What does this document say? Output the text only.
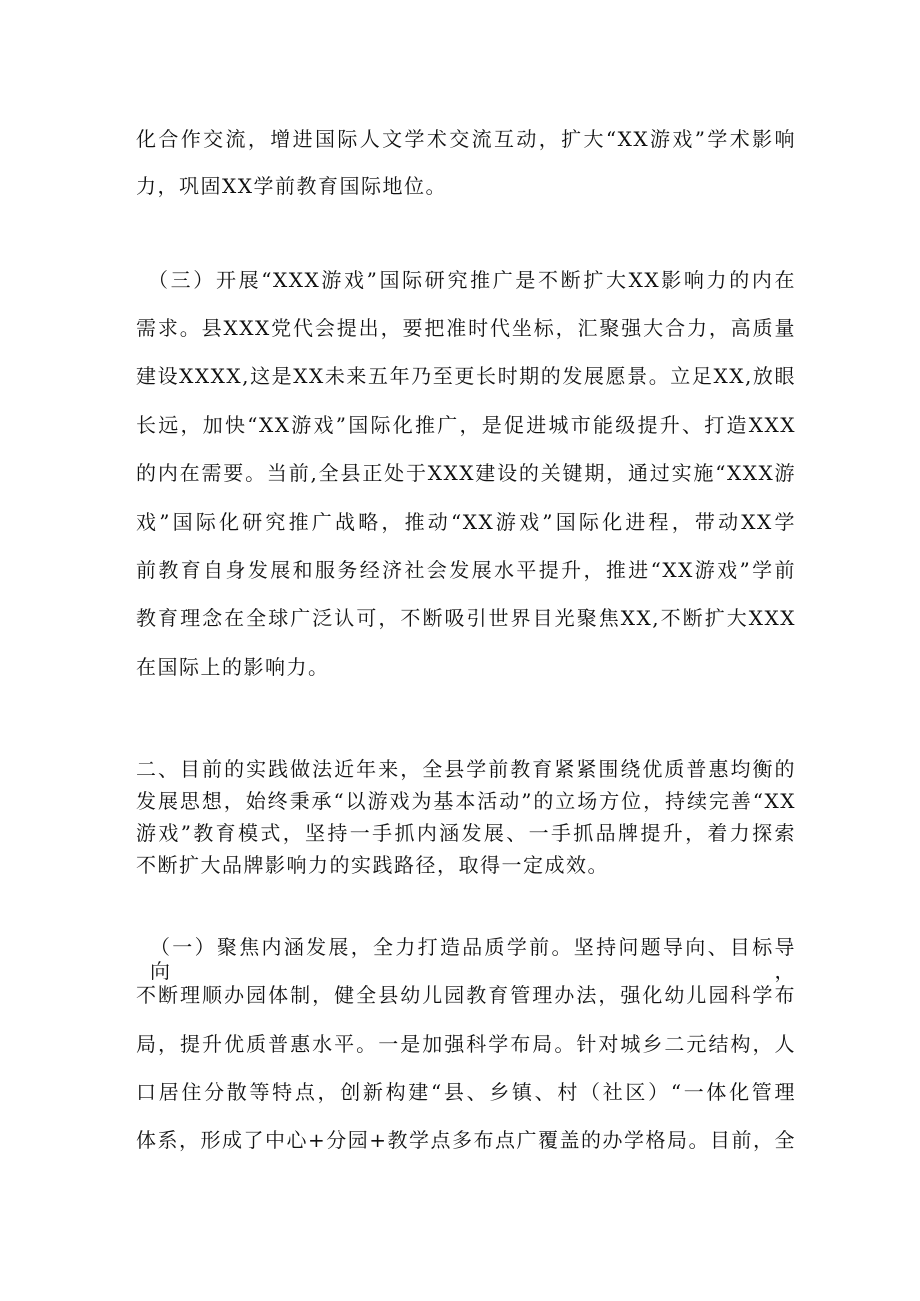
化合作交流，增进国际人文学术交流互动，扩大“XX游戏”学术影响
力，巩固XX学前教育国际地位。
（三）开展“XXX游戏”国际研究推广是不断扩大XX影响力的内在
需求。县XXX党代会提出，要把准时代坐标，汇聚强大合力，高质量
建设XXXX,这是XX未来五年乃至更长时期的发展愿景。立足XX,放眼
长远，加快“XX游戏”国际化推广，是促进城市能级提升、打造XXX
的内在需要。当前,全县正处于XXX建设的关键期，通过实施“XXX游
戏”国际化研究推广战略，推动“XX游戏”国际化进程，带动XX学
前教育自身发展和服务经济社会发展水平提升，推进“XX游戏”学前
教育理念在全球广泛认可，不断吸引世界目光聚焦XX,不断扩大XXX
在国际上的影响力。
二、目前的实践做法近年来，全县学前教育紧紧围绕优质普惠均衡的
发展思想，始终秉承“以游戏为基本活动”的立场方位，持续完善“XX
游戏”教育模式，坚持一手抓内涵发展、一手抓品牌提升，着力探索
不断扩大品牌影响力的实践路径，取得一定成效。
（一）聚焦内涵发展，全力打造品质学前。坚持问题导向、目标导向，
不断理顺办园体制，健全县幼儿园教育管理办法，强化幼儿园科学布
局，提升优质普惠水平。一是加强科学布局。针对城乡二元结构，人
口居住分散等特点，创新构建“县、乡镇、村（社区）“一体化管理
体系，形成了中心+分园+教学点多布点广覆盖的办学格局。目前，全
